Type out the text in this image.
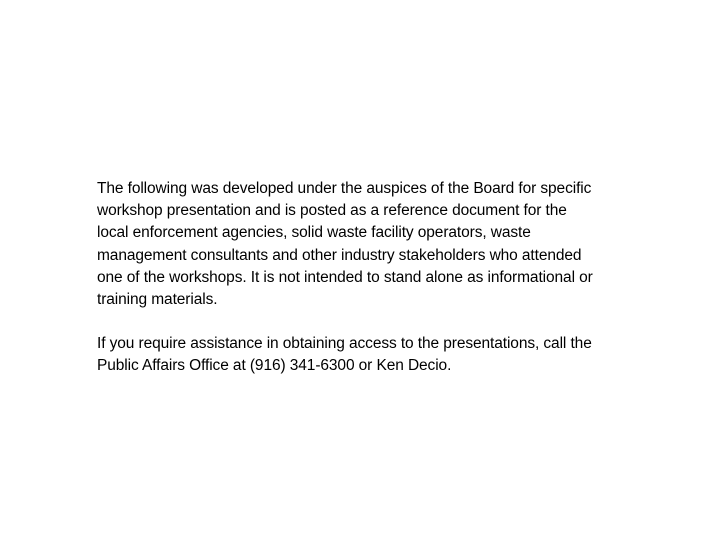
The following was developed under the auspices of the Board for specific
workshop presentation and is posted as a reference document for the
local enforcement agencies, solid waste facility operators, waste
management consultants and other industry stakeholders who attended
one of the workshops. It is not intended to stand alone as informational or
training materials.

If you require assistance in obtaining access to the presentations, call the
Public Affairs Office at (916) 341-6300 or Ken Decio.
